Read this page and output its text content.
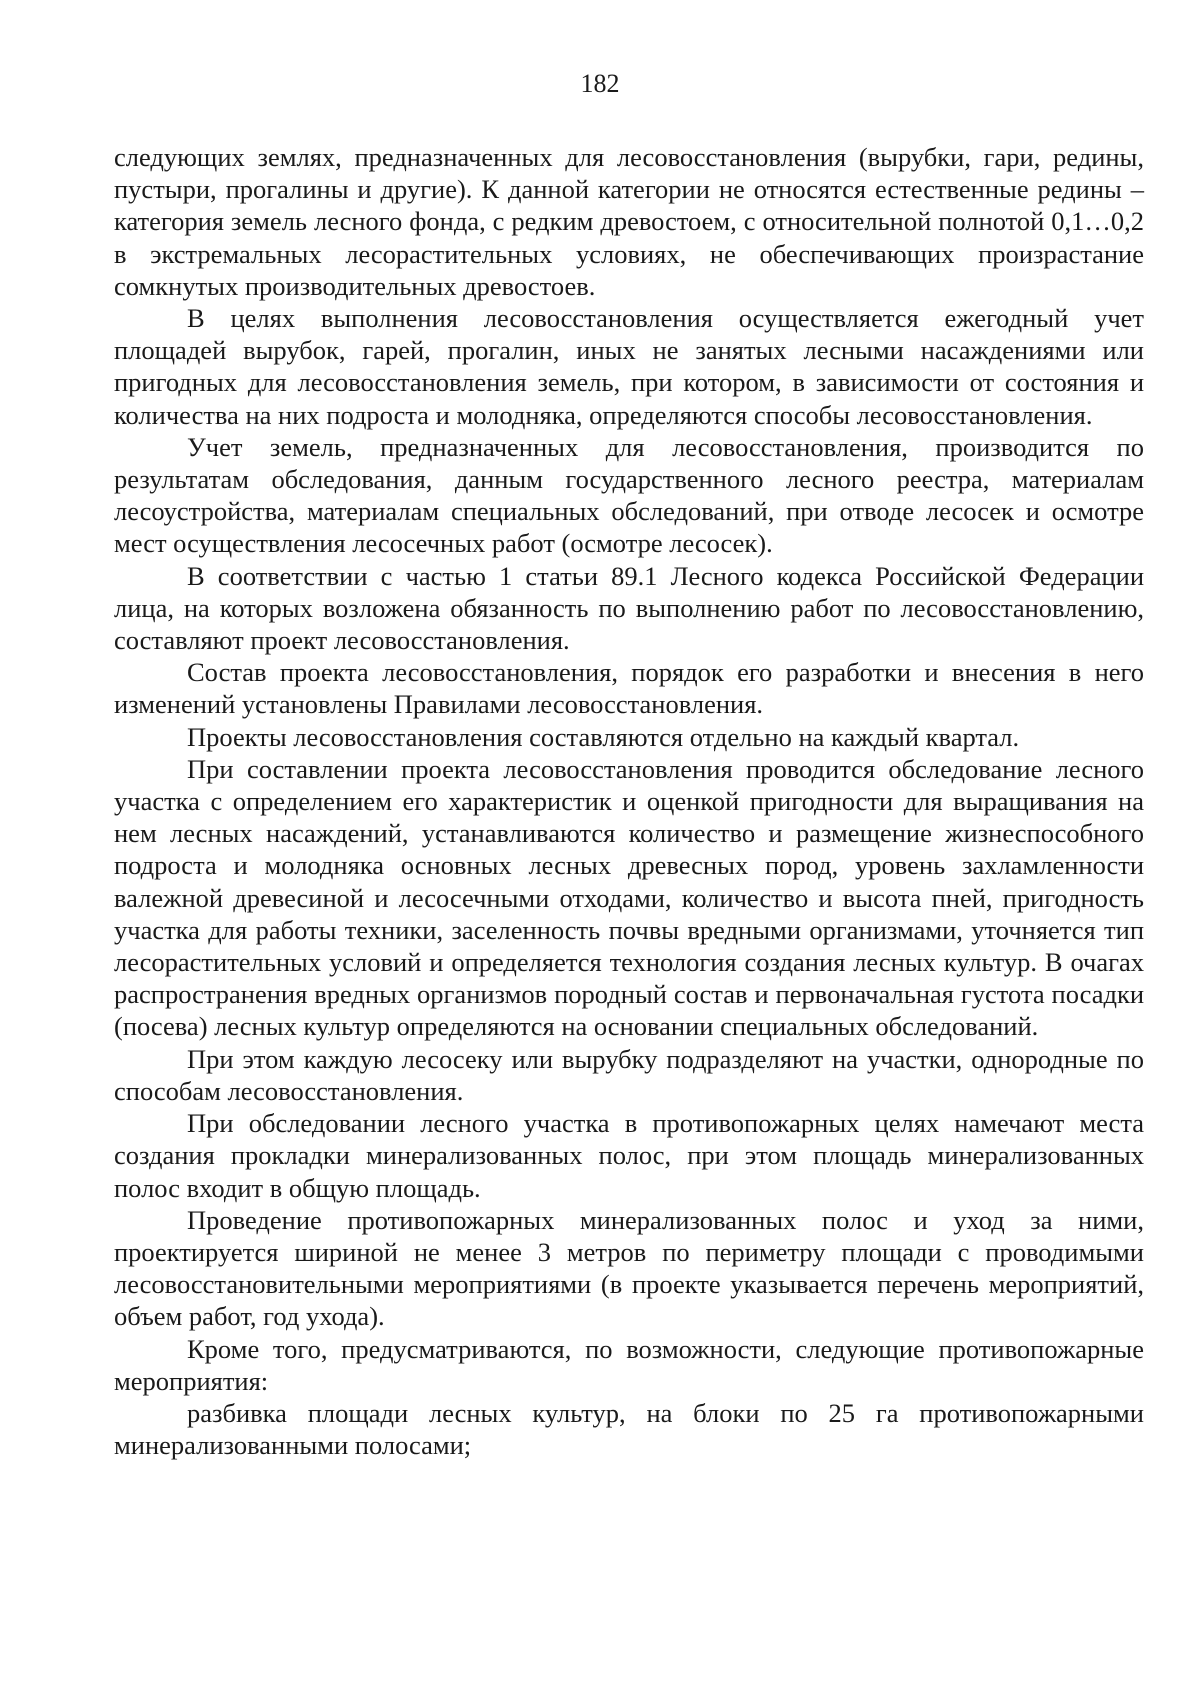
182

следующих землях, предназначенных для лесовосстановления (вырубки, гари, редины, пустыри, прогалины и другие). К данной категории не относятся естественные редины – категория земель лесного фонда, с редким древостоем, с относительной полнотой 0,1…0,2 в экстремальных лесорастительных условиях, не обеспечивающих произрастание сомкнутых производительных древостоев.

В целях выполнения лесовосстановления осуществляется ежегодный учет площадей вырубок, гарей, прогалин, иных не занятых лесными насаждениями или пригодных для лесовосстановления земель, при котором, в зависимости от состояния и количества на них подроста и молодняка, определяются способы лесовосстановления.

Учет земель, предназначенных для лесовосстановления, производится по результатам обследования, данным государственного лесного реестра, материалам лесоустройства, материалам специальных обследований, при отводе лесосек и осмотре мест осуществления лесосечных работ (осмотре лесосек).

В соответствии с частью 1 статьи 89.1 Лесного кодекса Российской Федерации лица, на которых возложена обязанность по выполнению работ по лесовосстановлению, составляют проект лесовосстановления.

Состав проекта лесовосстановления, порядок его разработки и внесения в него изменений установлены Правилами лесовосстановления.

Проекты лесовосстановления составляются отдельно на каждый квартал.

При составлении проекта лесовосстановления проводится обследование лесного участка с определением его характеристик и оценкой пригодности для выращивания на нем лесных насаждений, устанавливаются количество и размещение жизнеспособного подроста и молодняка основных лесных древесных пород, уровень захламленности валежной древесиной и лесосечными отходами, количество и высота пней, пригодность участка для работы техники, заселенность почвы вредными организмами, уточняется тип лесорастительных условий и определяется технология создания лесных культур. В очагах распространения вредных организмов породный состав и первоначальная густота посадки (посева) лесных культур определяются на основании специальных обследований.

При этом каждую лесосеку или вырубку подразделяют на участки, однородные по способам лесовосстановления.

При обследовании лесного участка в противопожарных целях намечают места создания прокладки минерализованных полос, при этом площадь минерализованных полос входит в общую площадь.

Проведение противопожарных минерализованных полос и уход за ними, проектируется шириной не менее 3 метров по периметру площади с проводимыми лесовосстановительными мероприятиями (в проекте указывается перечень мероприятий, объем работ, год ухода).

Кроме того, предусматриваются, по возможности, следующие противопожарные мероприятия:

разбивка площади лесных культур, на блоки по 25 га противопожарными минерализованными полосами;
